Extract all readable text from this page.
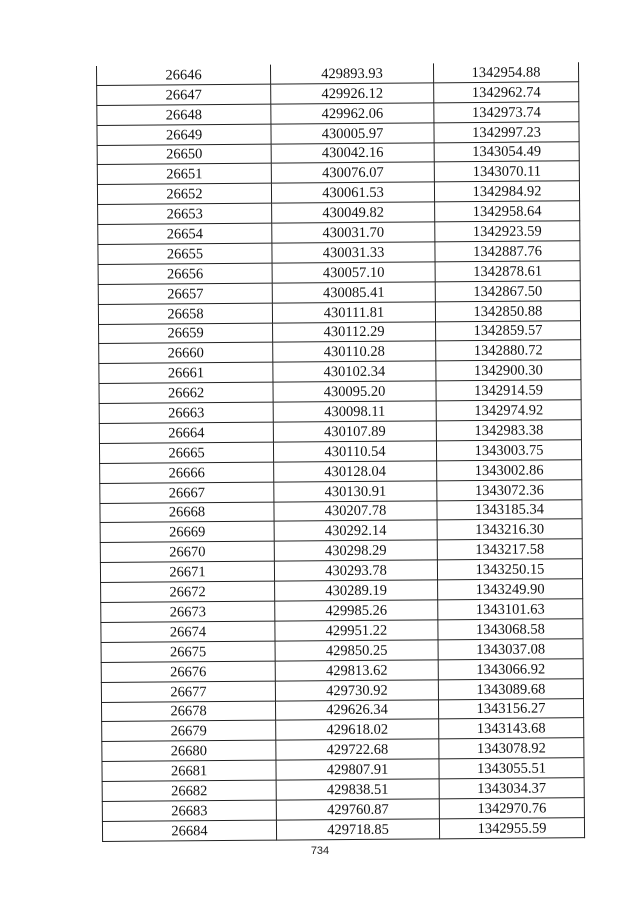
26646	429893.93	1342954.88
26647	429926.12	1342962.74
26648	429962.06	1342973.74
26649	430005.97	1342997.23
26650	430042.16	1343054.49
26651	430076.07	1343070.11
26652	430061.53	1342984.92
26653	430049.82	1342958.64
26654	430031.70	1342923.59
26655	430031.33	1342887.76
26656	430057.10	1342878.61
26657	430085.41	1342867.50
26658	430111.81	1342850.88
26659	430112.29	1342859.57
26660	430110.28	1342880.72
26661	430102.34	1342900.30
26662	430095.20	1342914.59
26663	430098.11	1342974.92
26664	430107.89	1342983.38
26665	430110.54	1343003.75
26666	430128.04	1343002.86
26667	430130.91	1343072.36
26668	430207.78	1343185.34
26669	430292.14	1343216.30
26670	430298.29	1343217.58
26671	430293.78	1343250.15
26672	430289.19	1343249.90
26673	429985.26	1343101.63
26674	429951.22	1343068.58
26675	429850.25	1343037.08
26676	429813.62	1343066.92
26677	429730.92	1343089.68
26678	429626.34	1343156.27
26679	429618.02	1343143.68
26680	429722.68	1343078.92
26681	429807.91	1343055.51
26682	429838.51	1343034.37
26683	429760.87	1342970.76
26684	429718.85	1342955.59
734
